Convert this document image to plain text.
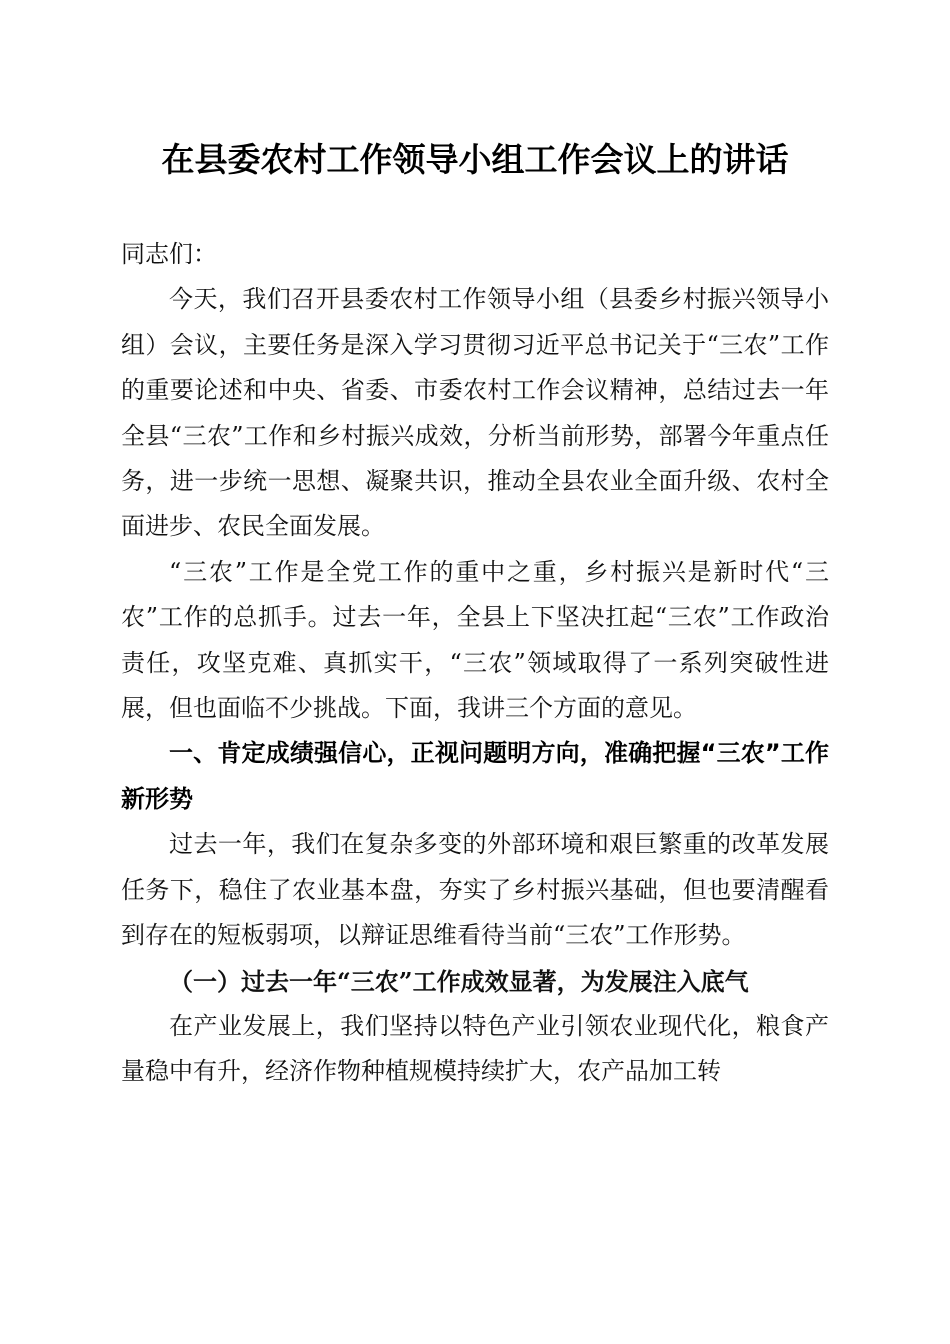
在县委农村工作领导小组工作会议上的讲话

同志们：

今天，我们召开县委农村工作领导小组（县委乡村振兴领导小组）会议，主要任务是深入学习贯彻习近平总书记关于“三农”工作的重要论述和中央、省委、市委农村工作会议精神，总结过去一年全县“三农”工作和乡村振兴成效，分析当前形势，部署今年重点任务，进一步统一思想、凝聚共识，推动全县农业全面升级、农村全面进步、农民全面发展。

“三农”工作是全党工作的重中之重，乡村振兴是新时代“三农”工作的总抓手。过去一年，全县上下坚决扛起“三农”工作政治责任，攻坚克难、真抓实干，“三农”领域取得了一系列突破性进展，但也面临不少挑战。下面，我讲三个方面的意见。

一、肯定成绩强信心，正视问题明方向，准确把握“三农”工作新形势

过去一年，我们在复杂多变的外部环境和艰巨繁重的改革发展任务下，稳住了农业基本盘，夯实了乡村振兴基础，但也要清醒看到存在的短板弱项，以辩证思维看待当前“三农”工作形势。

（一）过去一年“三农”工作成效显著，为发展注入底气

在产业发展上，我们坚持以特色产业引领农业现代化，粮食产量稳中有升，经济作物种植规模持续扩大，农产品加工转
